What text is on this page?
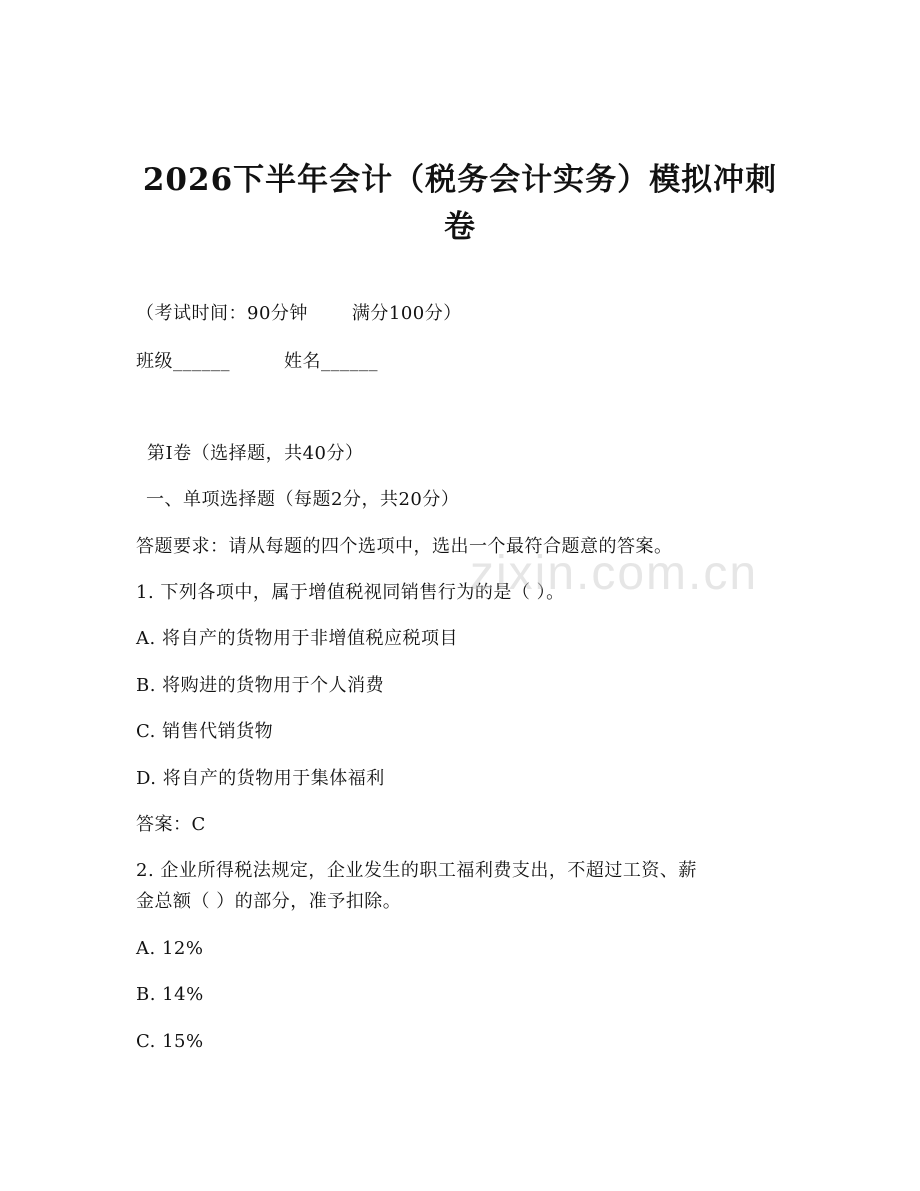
2026下半年会计（税务会计实务）模拟冲刺
卷
（考试时间：90分钟 满分100分）
班级______	姓名______
第I卷（选择题，共40分）
一、单项选择题（每题2分，共20分）
答题要求：请从每题的四个选项中，选出一个最符合题意的答案。
1. 下列各项中，属于增值税视同销售行为的是（ ）。
A. 将自产的货物用于非增值税应税项目
B. 将购进的货物用于个人消费
C. 销售代销货物
D. 将自产的货物用于集体福利
答案：C
2. 企业所得税法规定，企业发生的职工福利费支出，不超过工资、薪
金总额（ ）的部分，准予扣除。
A. 12%
B. 14%
C. 15%
zixin.com.cn
